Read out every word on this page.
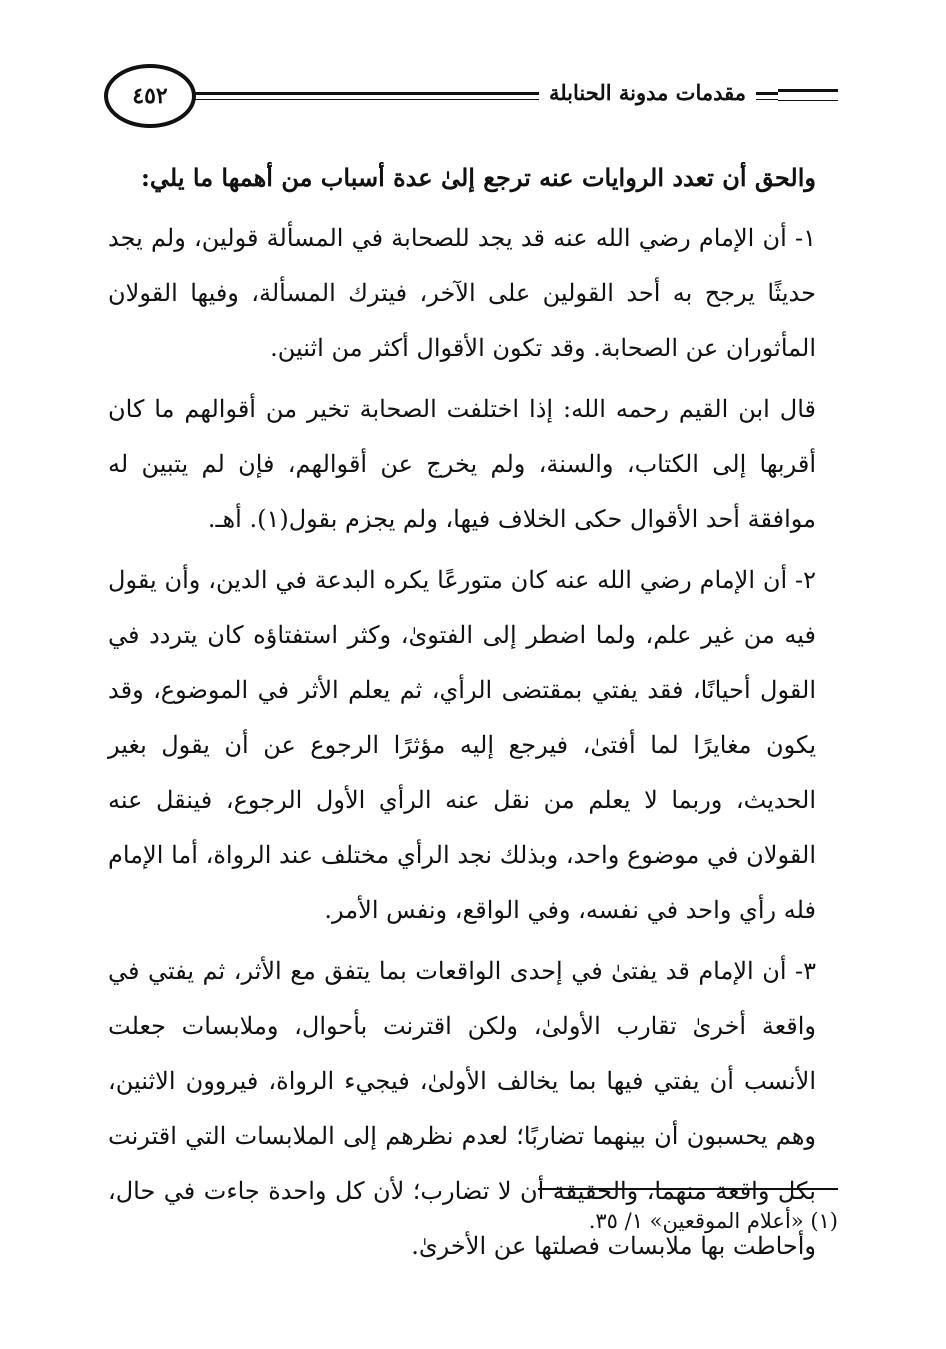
٤٥٢	مقدمات مدونة الحنابلة

والحق أن تعدد الروايات عنه ترجع إلىٰ عدة أسباب من أهمها ما يلي:

١- أن الإمام رضي الله عنه قد يجد للصحابة في المسألة قولين، ولم يجد حديثًا يرجح به أحد القولين على الآخر، فيترك المسألة، وفيها القولان المأثوران عن الصحابة. وقد تكون الأقوال أكثر من اثنين.

قال ابن القيم رحمه الله: إذا اختلفت الصحابة تخير من أقوالهم ما كان أقربها إلى الكتاب، والسنة، ولم يخرج عن أقوالهم، فإن لم يتبين له موافقة أحد الأقوال حكى الخلاف فيها، ولم يجزم بقول(١). أهـ.

٢- أن الإمام رضي الله عنه كان متورعًا يكره البدعة في الدين، وأن يقول فيه من غير علم، ولما اضطر إلى الفتوىٰ، وكثر استفتاؤه كان يتردد في القول أحيانًا، فقد يفتي بمقتضى الرأي، ثم يعلم الأثر في الموضوع، وقد يكون مغايرًا لما أفتىٰ، فيرجع إليه مؤثرًا الرجوع عن أن يقول بغير الحديث، وربما لا يعلم من نقل عنه الرأي الأول الرجوع، فينقل عنه القولان في موضوع واحد، وبذلك نجد الرأي مختلف عند الرواة، أما الإمام فله رأي واحد في نفسه، وفي الواقع، ونفس الأمر.

٣- أن الإمام قد يفتىٰ في إحدى الواقعات بما يتفق مع الأثر، ثم يفتي في واقعة أخرىٰ تقارب الأولىٰ، ولكن اقترنت بأحوال، وملابسات جعلت الأنسب أن يفتي فيها بما يخالف الأولىٰ، فيجيء الرواة، فيروون الاثنين، وهم يحسبون أن بينهما تضاربًا؛ لعدم نظرهم إلى الملابسات التي اقترنت بكل واقعة منهما، والحقيقة أن لا تضارب؛ لأن كل واحدة جاءت في حال، وأحاطت بها ملابسات فصلتها عن الأخرىٰ.

(١) «أعلام الموقعين» ١/ ٣٥.
